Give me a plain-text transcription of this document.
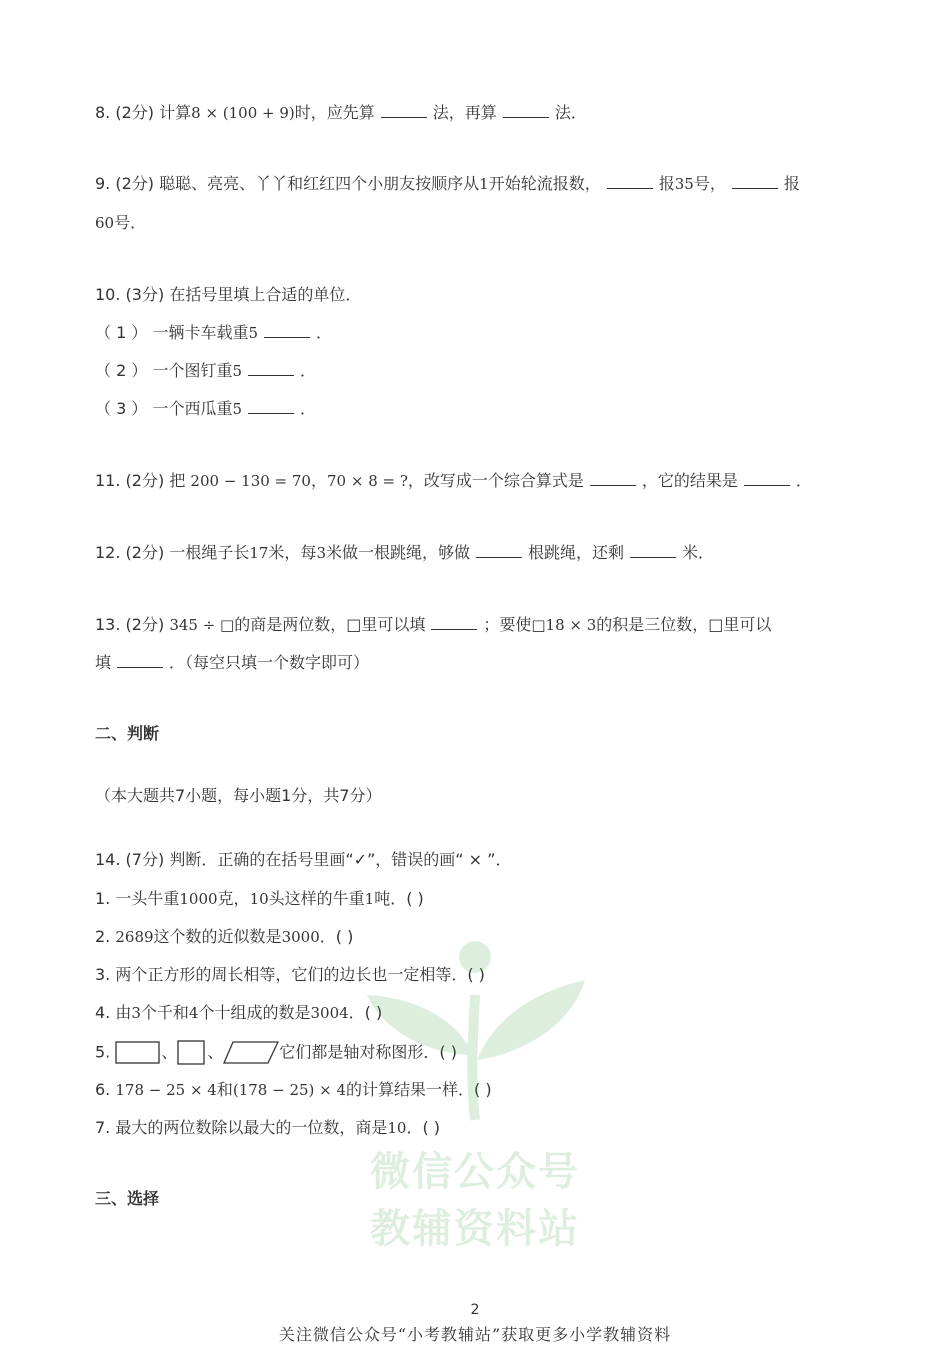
8. (2分) 计算8 × (100 + 9)时，应先算	法，再算	法．
9. (2分) 聪聪、亮亮、丫丫和红红四个小朋友按顺序从1开始轮流报数，	报35号，	报
60号．
10. (3分) 在括号里填上合适的单位．
（ 1 ） 一辆卡车载重5	．
（ 2 ） 一个图钉重5	．
（ 3 ） 一个西瓜重5	．
11. (2分) 把 200 − 130 = 70，70 × 8 = ?，改写成一个综合算式是	，它的结果是	．
12. (2分) 一根绳子长17米，每3米做一根跳绳，够做	根跳绳，还剩	米．
13. (2分) 345 ÷ □的商是两位数，□里可以填	；要使□18 × 3的积是三位数，□里可以
填	．（每空只填一个数字即可）
二、判断
（本大题共7小题，每小题1分，共7分）
14. (7分) 判断．正确的在括号里画“✓”，错误的画“ × ”．
1. 一头牛重1000克，10头这样的牛重1吨．( )
2. 2689这个数的近似数是3000．( )
3. 两个正方形的周长相等，它们的边长也一定相等．( )
4. 由3个千和4个十组成的数是3004．( )
5.	、 、	它们都是轴对称图形．( )
6. 178 − 25 × 4和(178 − 25) × 4的计算结果一样．( )
7. 最大的两位数除以最大的一位数，商是10．( )
三、选择
微信公众号
教辅资料站
2
关注微信公众号“小考教辅站”获取更多小学教辅资料
